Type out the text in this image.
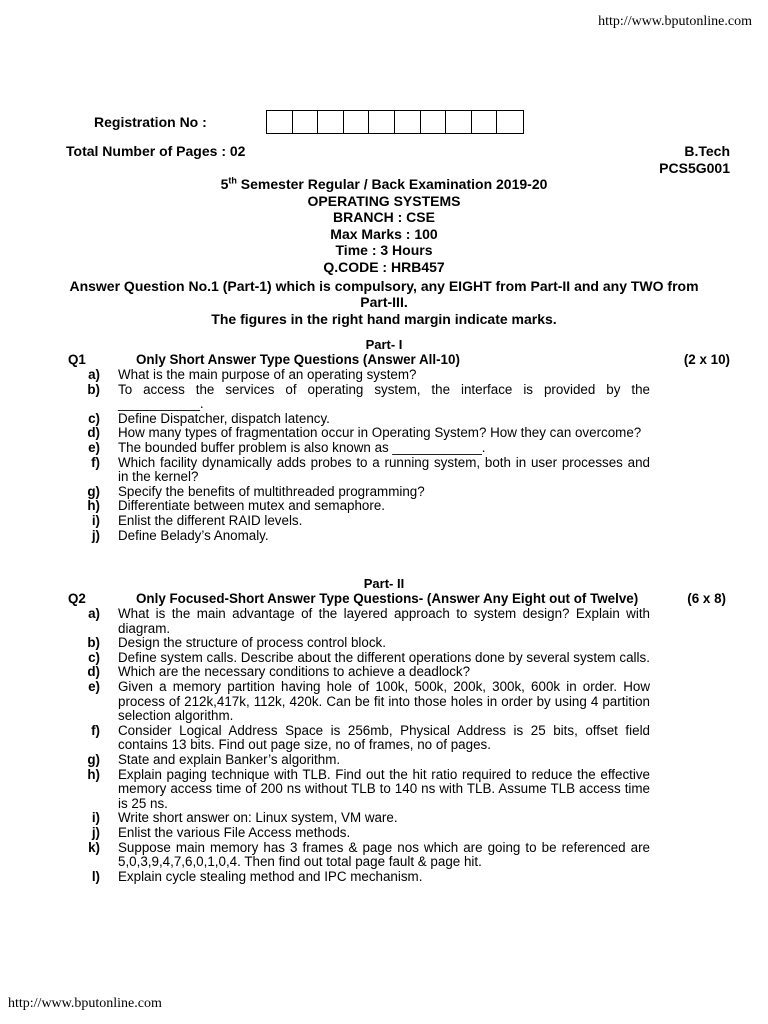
http://www.bputonline.com
Registration No :
Total Number of Pages : 02	B.Tech
PCS5G001
5th Semester Regular / Back Examination 2019-20
OPERATING SYSTEMS
BRANCH : CSE
Max Marks : 100
Time : 3 Hours
Q.CODE : HRB457
Answer Question No.1 (Part-1) which is compulsory, any EIGHT from Part-II and any TWO from Part-III.
The figures in the right hand margin indicate marks.
Part- I
Q1	Only Short Answer Type Questions (Answer All-10)	(2 x 10)
a)	What is the main purpose of an operating system?
b)	To access the services of operating system, the interface is provided by the ___________.
c)	Define Dispatcher, dispatch latency.
d)	How many types of fragmentation occur in Operating System? How they can overcome?
e)	The bounded buffer problem is also known as ____________.
f)	Which facility dynamically adds probes to a running system, both in user processes and in the kernel?
g)	Specify the benefits of multithreaded programming?
h)	Differentiate between mutex and semaphore.
i)	Enlist the different RAID levels.
j)	Define Belady’s Anomaly.
Part- II
Q2	Only Focused-Short Answer Type Questions- (Answer Any Eight out of Twelve)	(6 x 8)
a)	What is the main advantage of the layered approach to system design? Explain with diagram.
b)	Design the structure of process control block.
c)	Define system calls. Describe about the different operations done by several system calls.
d)	Which are the necessary conditions to achieve a deadlock?
e)	Given a memory partition having hole of 100k, 500k, 200k, 300k, 600k in order. How process of 212k,417k, 112k, 420k. Can be fit into those holes in order by using 4 partition selection algorithm.
f)	Consider Logical Address Space is 256mb, Physical Address is 25 bits, offset field contains 13 bits. Find out page size, no of frames, no of pages.
g)	State and explain Banker’s algorithm.
h)	Explain paging technique with TLB. Find out the hit ratio required to reduce the effective memory access time of 200 ns without TLB to 140 ns with TLB. Assume TLB access time is 25 ns.
i)	Write short answer on: Linux system, VM ware.
j)	Enlist the various File Access methods.
k)	Suppose main memory has 3 frames & page nos which are going to be referenced are 5,0,3,9,4,7,6,0,1,0,4. Then find out total page fault & page hit.
l)	Explain cycle stealing method and IPC mechanism.
http://www.bputonline.com
